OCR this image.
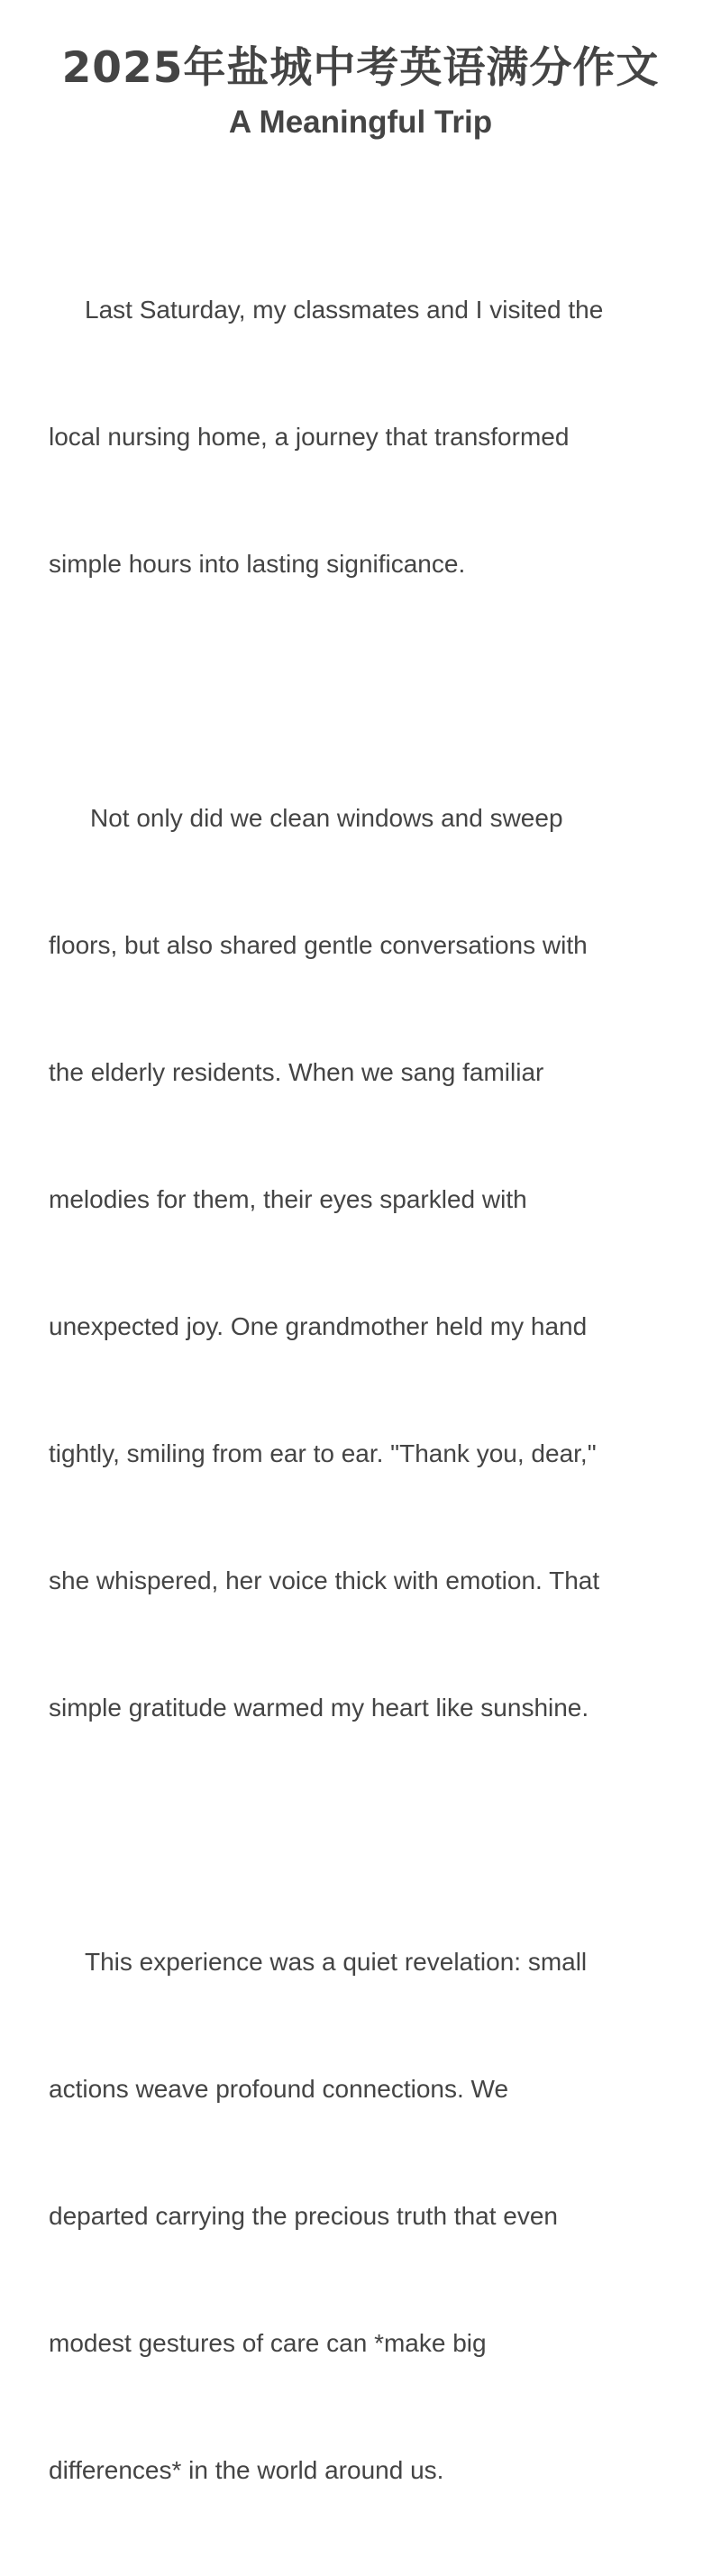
2025年盐城中考英语满分作文
A Meaningful Trip

Last Saturday, my classmates and I visited the

local nursing home, a journey that transformed

simple hours into lasting significance.

Not only did we clean windows and sweep

floors, but also shared gentle conversations with

the elderly residents. When we sang familiar

melodies for them, their eyes sparkled with

unexpected joy. One grandmother held my hand

tightly, smiling from ear to ear. "Thank you, dear,"

she whispered, her voice thick with emotion. That

simple gratitude warmed my heart like sunshine.

This experience was a quiet revelation: small

actions weave profound connections. We

departed carrying the precious truth that even

modest gestures of care can *make big

differences* in the world around us.
